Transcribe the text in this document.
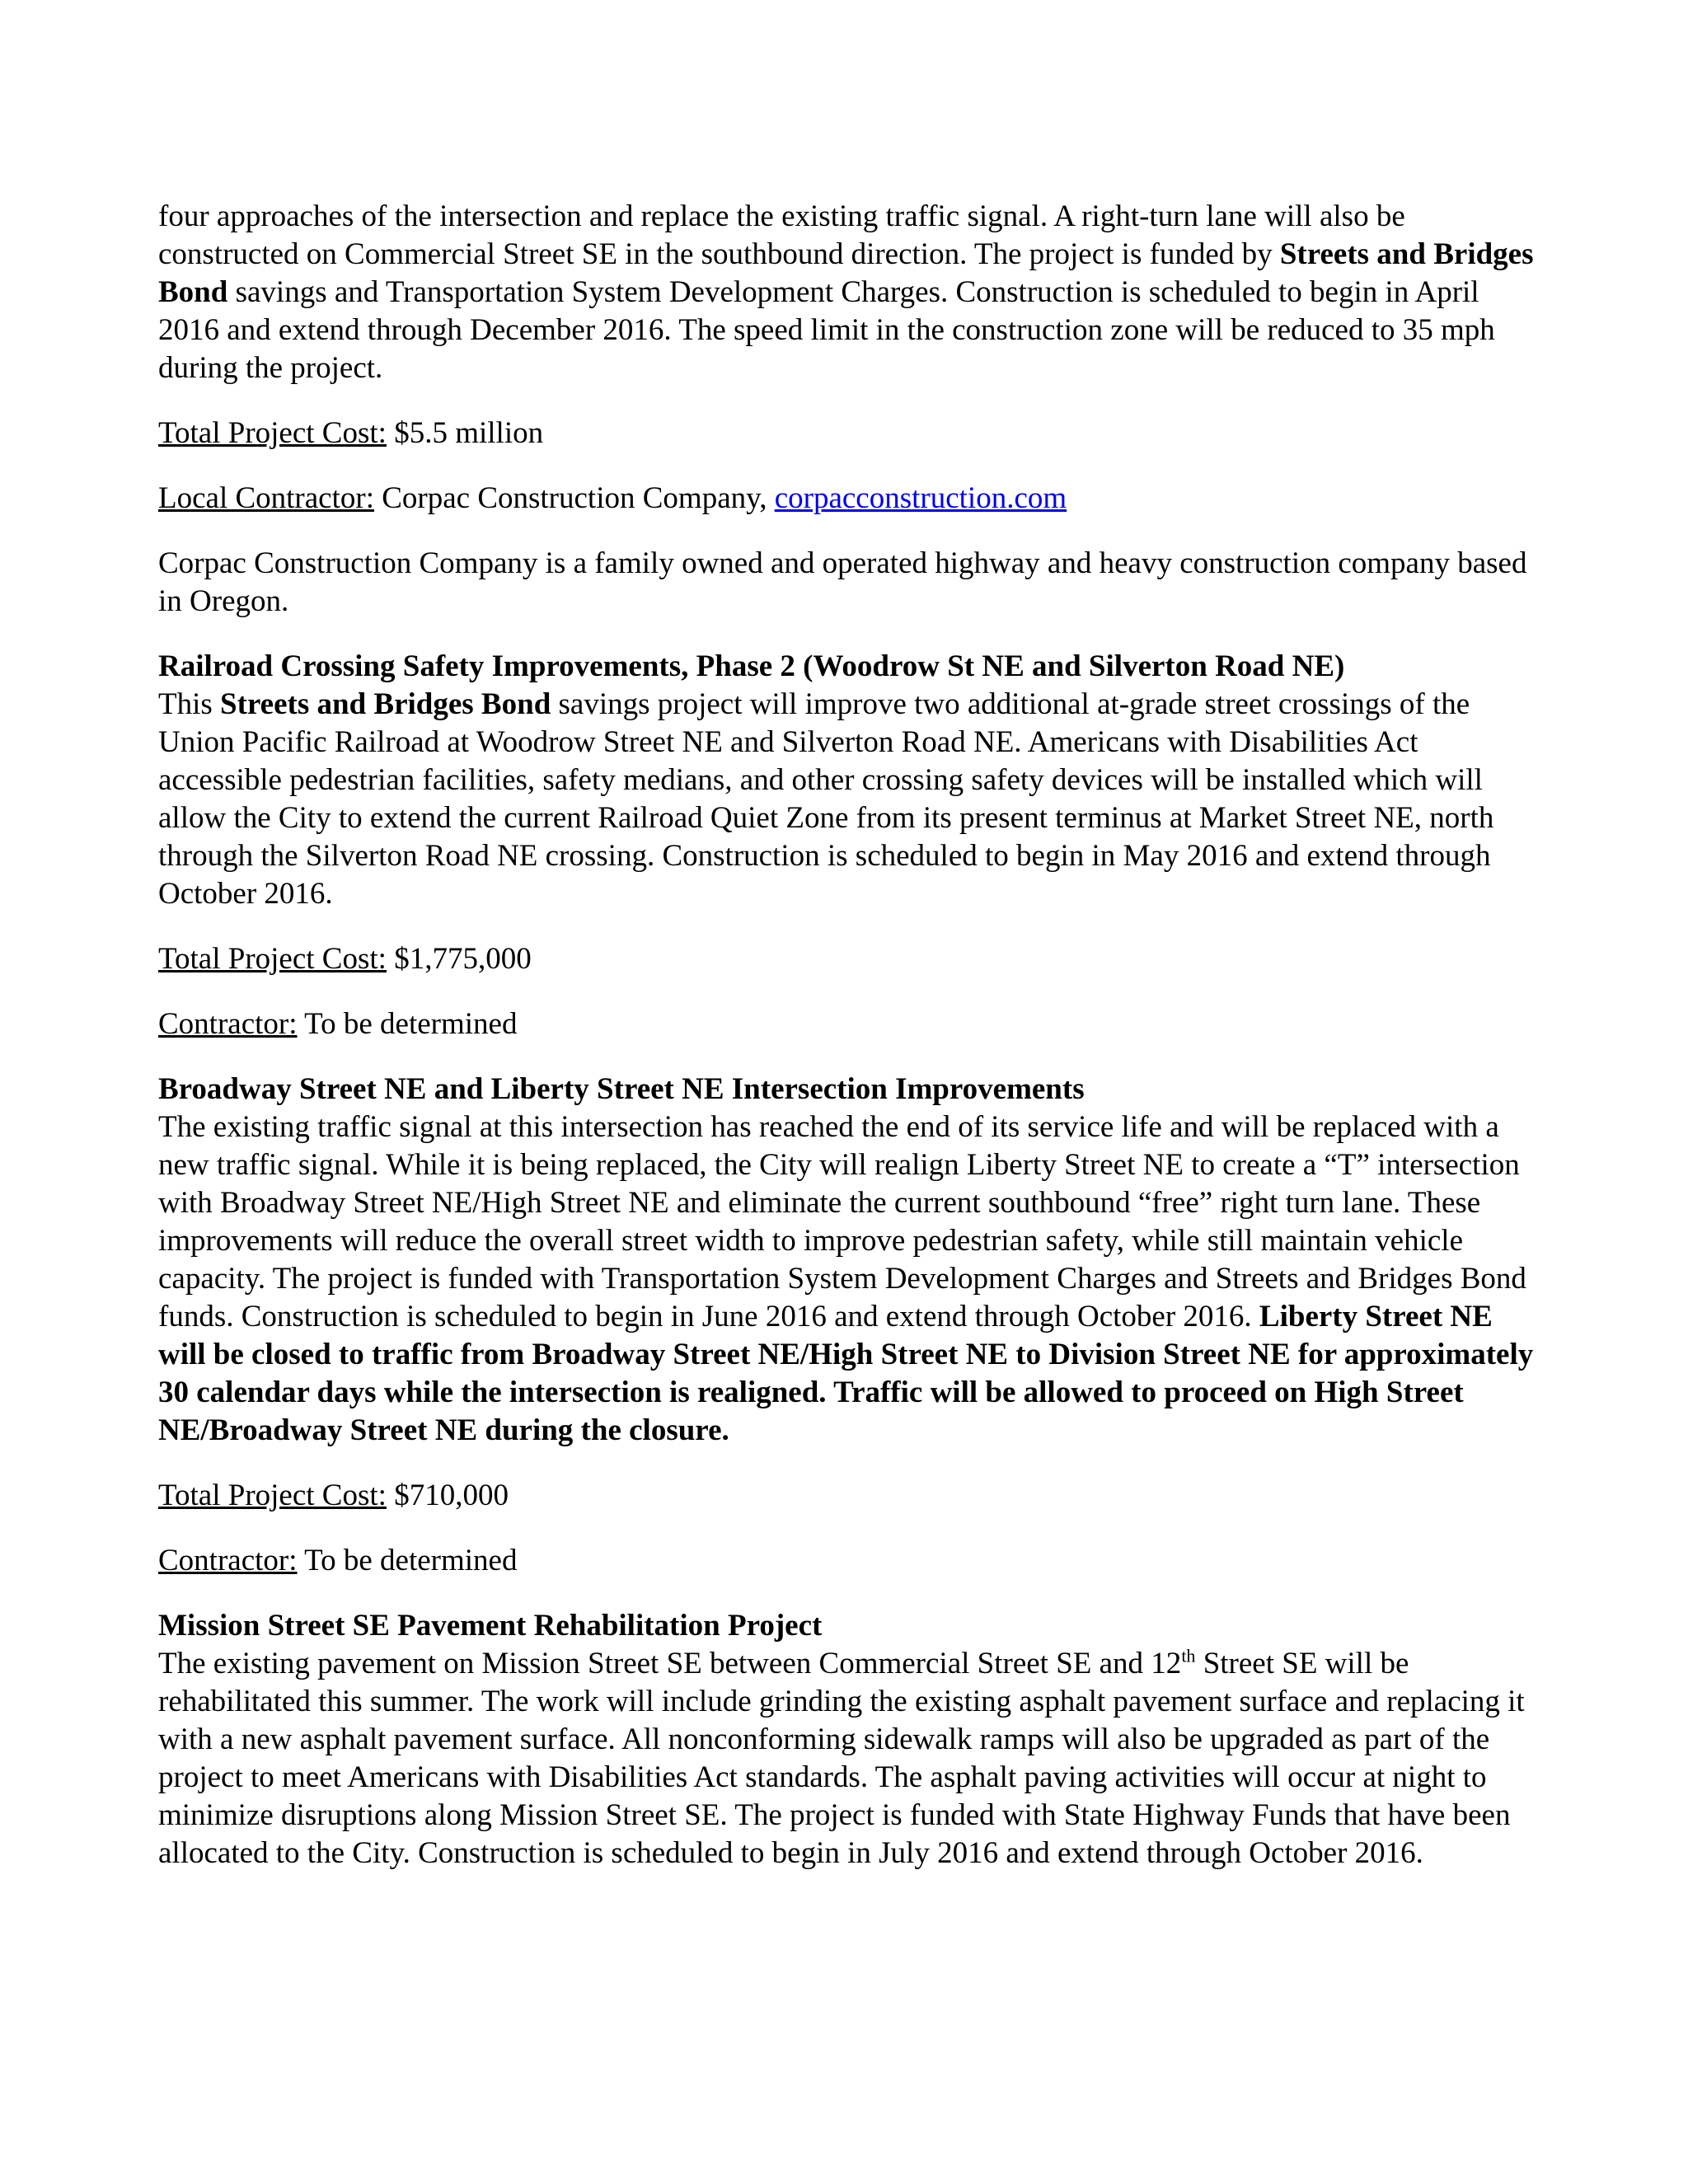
four approaches of the intersection and replace the existing traffic signal. A right-turn lane will also be constructed on Commercial Street SE in the southbound direction. The project is funded by Streets and Bridges Bond savings and Transportation System Development Charges. Construction is scheduled to begin in April 2016 and extend through December 2016. The speed limit in the construction zone will be reduced to 35 mph during the project.

Total Project Cost: $5.5 million

Local Contractor: Corpac Construction Company, corpacconstruction.com

Corpac Construction Company is a family owned and operated highway and heavy construction company based in Oregon.

Railroad Crossing Safety Improvements, Phase 2 (Woodrow St NE and Silverton Road NE)
This Streets and Bridges Bond savings project will improve two additional at-grade street crossings of the Union Pacific Railroad at Woodrow Street NE and Silverton Road NE. Americans with Disabilities Act accessible pedestrian facilities, safety medians, and other crossing safety devices will be installed which will allow the City to extend the current Railroad Quiet Zone from its present terminus at Market Street NE, north through the Silverton Road NE crossing. Construction is scheduled to begin in May 2016 and extend through October 2016.

Total Project Cost: $1,775,000

Contractor: To be determined

Broadway Street NE and Liberty Street NE Intersection Improvements
The existing traffic signal at this intersection has reached the end of its service life and will be replaced with a new traffic signal. While it is being replaced, the City will realign Liberty Street NE to create a “T” intersection with Broadway Street NE/High Street NE and eliminate the current southbound “free” right turn lane. These improvements will reduce the overall street width to improve pedestrian safety, while still maintain vehicle capacity. The project is funded with Transportation System Development Charges and Streets and Bridges Bond funds. Construction is scheduled to begin in June 2016 and extend through October 2016. Liberty Street NE will be closed to traffic from Broadway Street NE/High Street NE to Division Street NE for approximately 30 calendar days while the intersection is realigned. Traffic will be allowed to proceed on High Street NE/Broadway Street NE during the closure.

Total Project Cost: $710,000

Contractor: To be determined

Mission Street SE Pavement Rehabilitation Project
The existing pavement on Mission Street SE between Commercial Street SE and 12th Street SE will be rehabilitated this summer. The work will include grinding the existing asphalt pavement surface and replacing it with a new asphalt pavement surface. All nonconforming sidewalk ramps will also be upgraded as part of the project to meet Americans with Disabilities Act standards. The asphalt paving activities will occur at night to minimize disruptions along Mission Street SE. The project is funded with State Highway Funds that have been allocated to the City. Construction is scheduled to begin in July 2016 and extend through October 2016.
